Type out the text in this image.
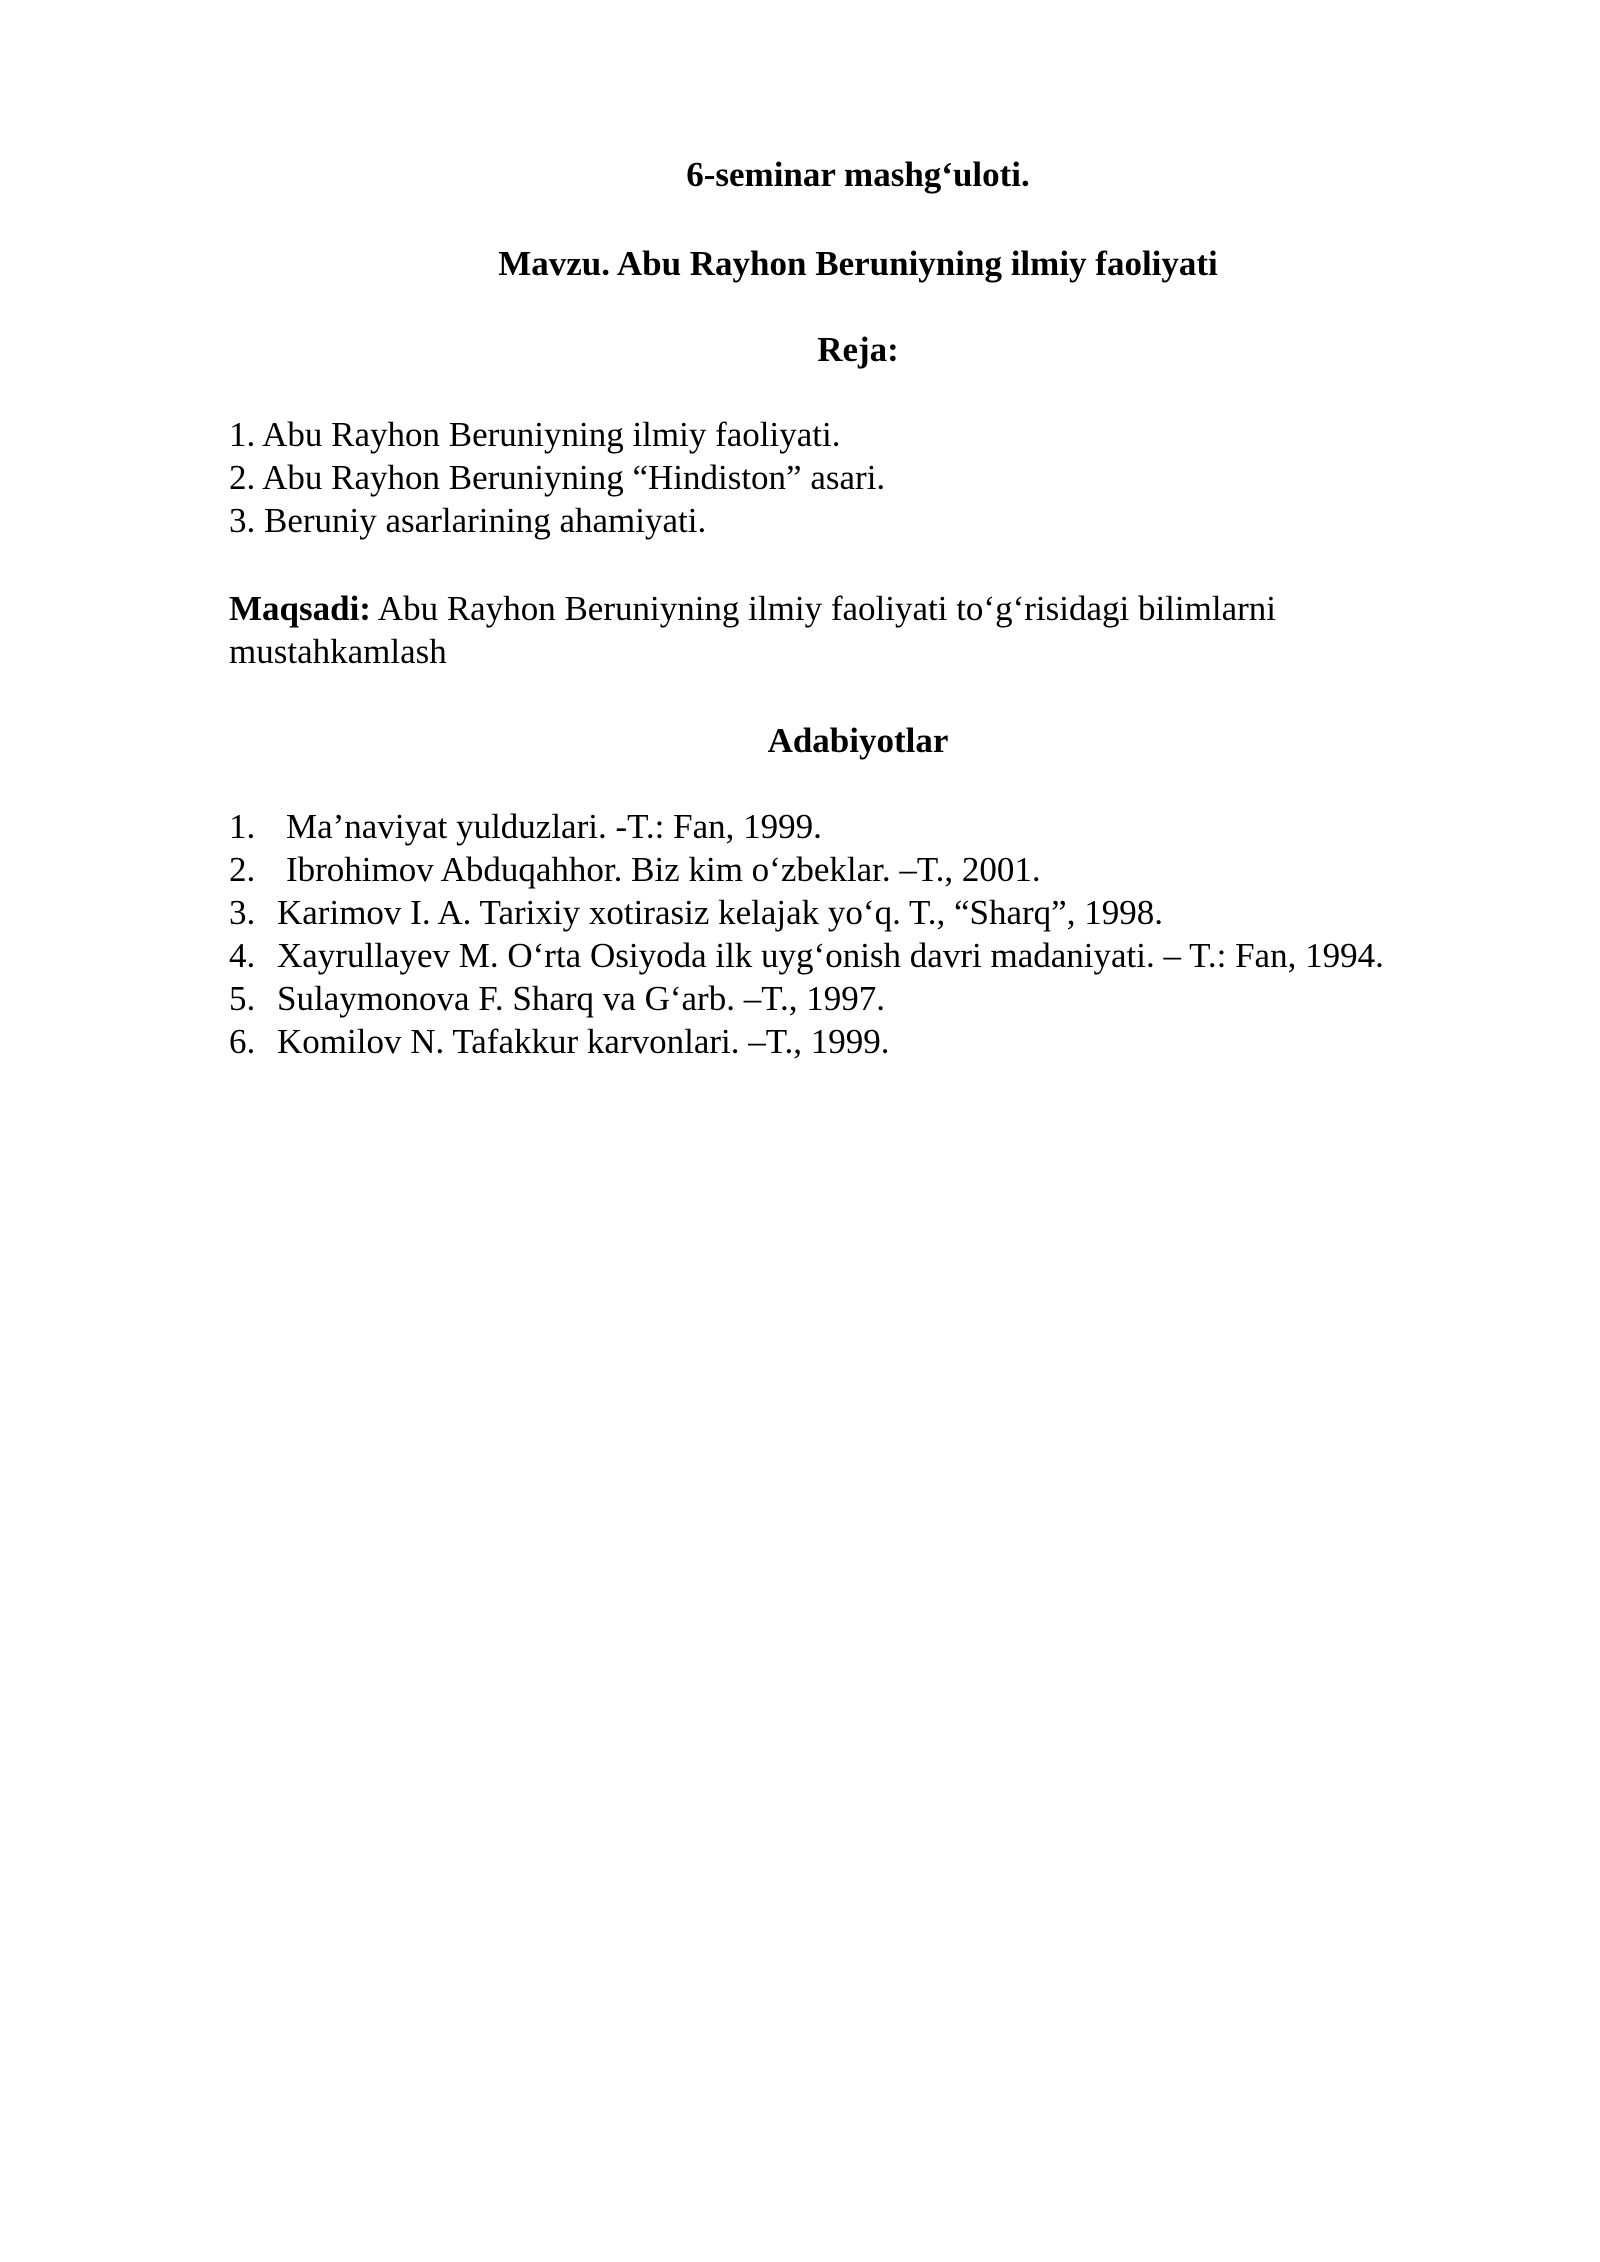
6-seminar mashg‘uloti.
Mavzu. Abu Rayhon Beruniyning ilmiy faoliyati
Reja:
1. Abu Rayhon Beruniyning ilmiy faoliyati.
2. Abu Rayhon Beruniyning “Hindiston” asari.
3. Beruniy asarlarining ahamiyati.
Maqsadi: Abu Rayhon Beruniyning ilmiy faoliyati to‘g‘risidagi bilimlarni mustahkamlash
Adabiyotlar
1. Ma’naviyat yulduzlari. -T.: Fan, 1999.
2. Ibrohimov Abduqahhor. Biz kim o‘zbeklar. –T., 2001.
3. Karimov I. A. Tarixiy xotirasiz kelajak yo‘q. T., “Sharq”, 1998.
4. Xayrullayev M. O‘rta Osiyoda ilk uyg‘onish davri madaniyati. – T.: Fan, 1994.
5. Sulaymonova F. Sharq va G‘arb. –T., 1997.
6. Komilov N. Tafakkur karvonlari. –T., 1999.
